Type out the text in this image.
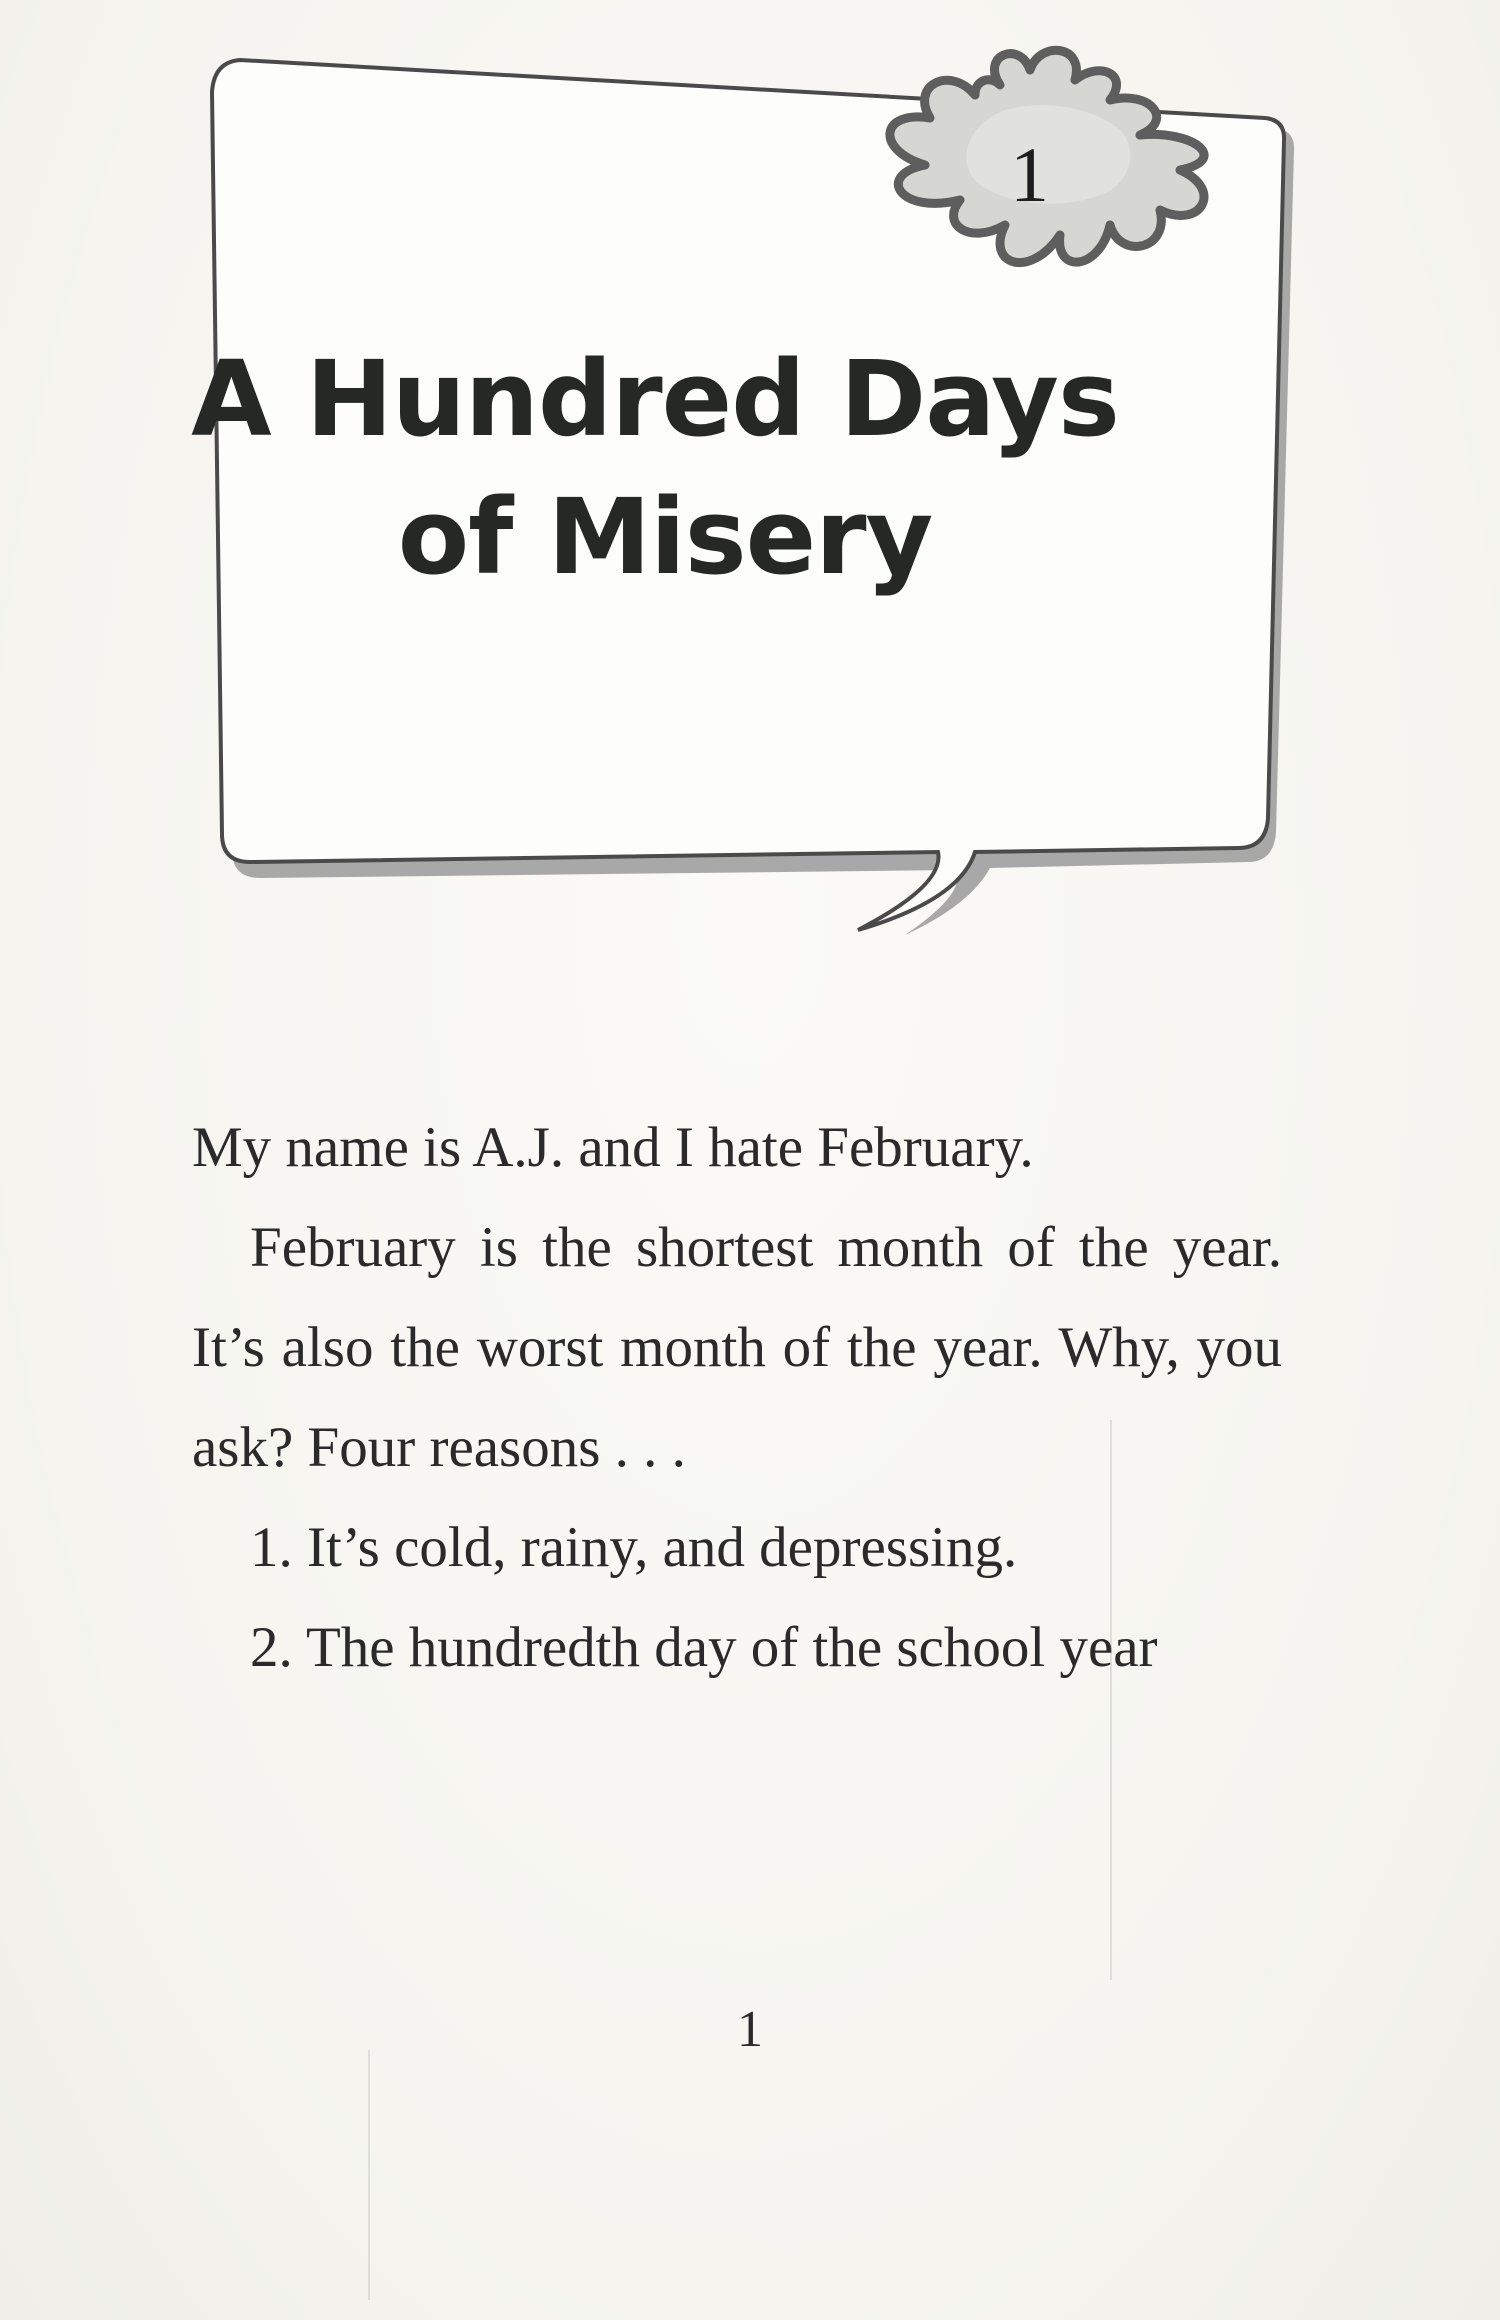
1
A Hundred Days
of Misery

My name is A.J. and I hate February.

February is the shortest month of the year. It’s also the worst month of the year. Why, you ask? Four reasons . . .

1. It’s cold, rainy, and depressing.

2. The hundredth day of the school year

1
